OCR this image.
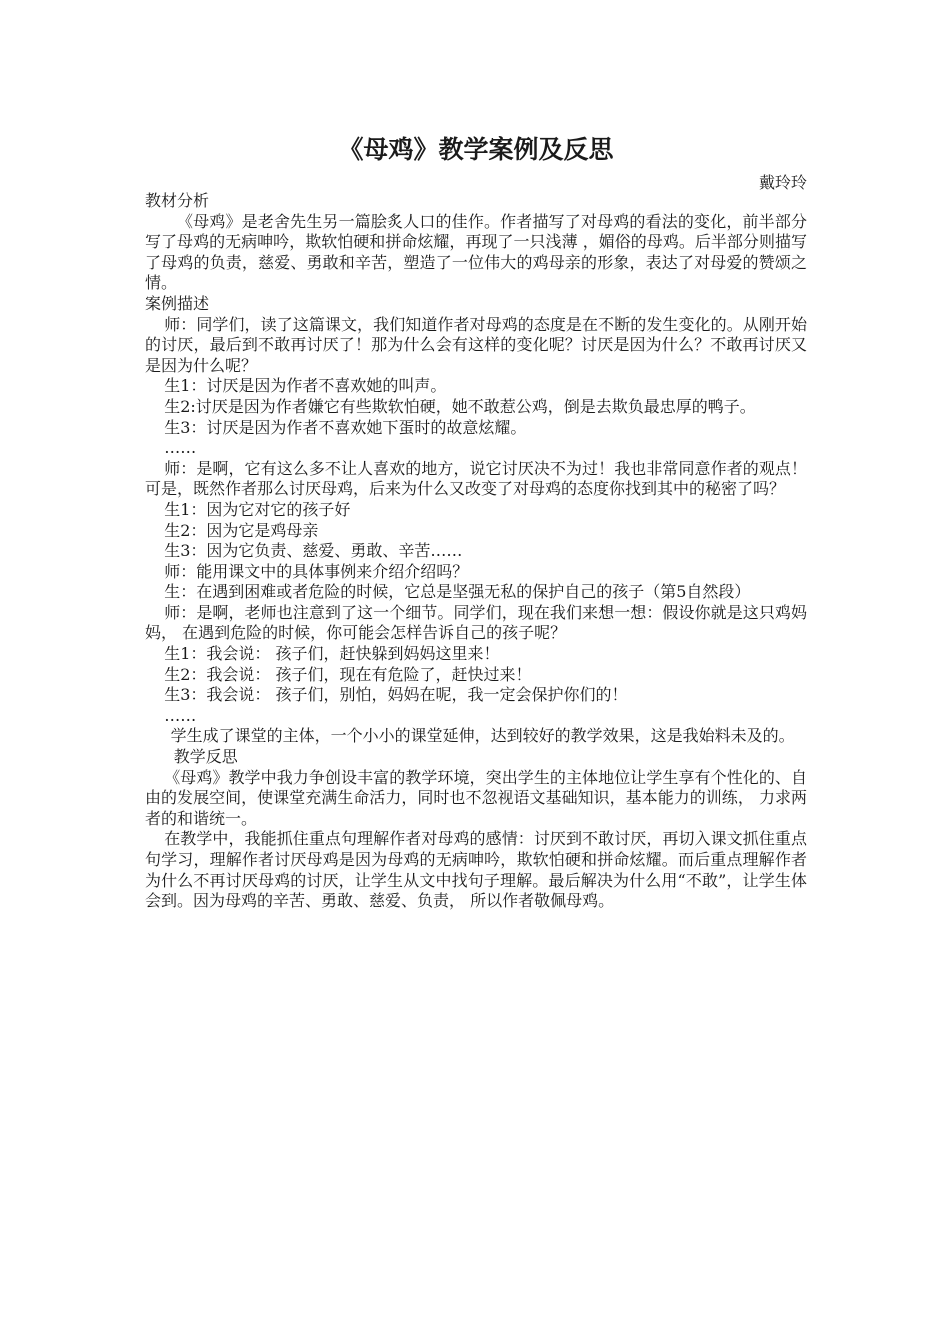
《母鸡》教学案例及反思
戴玲玲

教材分析

《母鸡》是老舍先生另一篇脍炙人口的佳作。作者描写了对母鸡的看法的变化，前半部分写了母鸡的无病呻吟，欺软怕硬和拼命炫耀，再现了一只浅薄 ，媚俗的母鸡。后半部分则描写了母鸡的负责，慈爱、勇敢和辛苦，塑造了一位伟大的鸡母亲的形象，表达了对母爱的赞颂之情。

案例描述

师：同学们，读了这篇课文，我们知道作者对母鸡的态度是在不断的发生变化的。从刚开始的讨厌，最后到不敢再讨厌了！那为什么会有这样的变化呢？讨厌是因为什么？不敢再讨厌又是因为什么呢？

生1：讨厌是因为作者不喜欢她的叫声。

生2:讨厌是因为作者嫌它有些欺软怕硬，她不敢惹公鸡，倒是去欺负最忠厚的鸭子。

生3：讨厌是因为作者不喜欢她下蛋时的故意炫耀。

……

师：是啊，它有这么多不让人喜欢的地方，说它讨厌决不为过！我也非常同意作者的观点！可是，既然作者那么讨厌母鸡，后来为什么又改变了对母鸡的态度你找到其中的秘密了吗？

生1：因为它对它的孩子好

生2：因为它是鸡母亲

生3：因为它负责、慈爱、勇敢、辛苦……

师：能用课文中的具体事例来介绍介绍吗？

生：在遇到困难或者危险的时候，它总是坚强无私的保护自己的孩子（第5自然段）

师：是啊，老师也注意到了这一个细节。同学们，现在我们来想一想：假设你就是这只鸡妈妈， 在遇到危险的时候，你可能会怎样告诉自己的孩子呢？

生1：我会说： 孩子们，赶快躲到妈妈这里来！

生2：我会说： 孩子们，现在有危险了，赶快过来！

生3：我会说： 孩子们，别怕，妈妈在呢，我一定会保护你们的！

……

学生成了课堂的主体，一个小小的课堂延伸，达到较好的教学效果，这是我始料未及的。

教学反思

《母鸡》教学中我力争创设丰富的教学环境，突出学生的主体地位让学生享有个性化的、自由的发展空间，使课堂充满生命活力，同时也不忽视语文基础知识，基本能力的训练， 力求两者的和谐统一。

在教学中，我能抓住重点句理解作者对母鸡的感情：讨厌到不敢讨厌，再切入课文抓住重点句学习，理解作者讨厌母鸡是因为母鸡的无病呻吟，欺软怕硬和拼命炫耀。而后重点理解作者为什么不再讨厌母鸡的讨厌，让学生从文中找句子理解。最后解决为什么用“不敢”，让学生体会到。因为母鸡的辛苦、勇敢、慈爱、负责， 所以作者敬佩母鸡。
